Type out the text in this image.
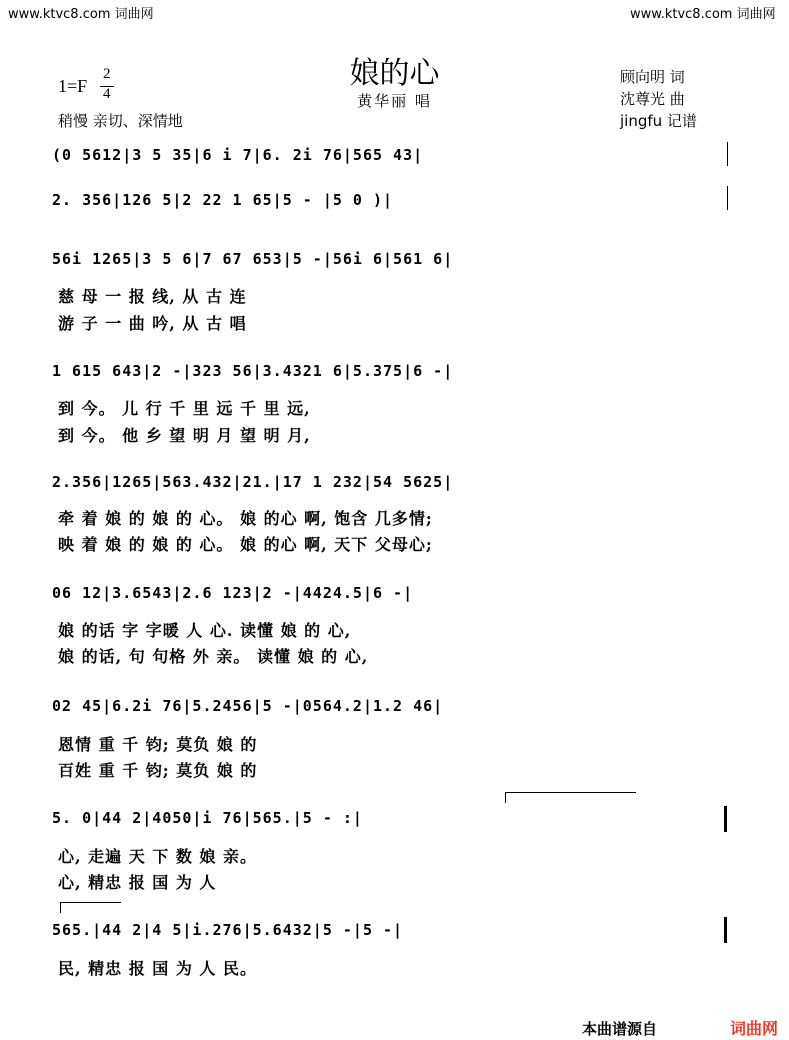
www.ktvc8.com 词曲网	www.ktvc8.com 词曲网
娘的心
黄华丽 唱
1=F
2
4
稍慢 亲切、深情地
顾向明 词
沈尊光 曲
jingfu 记谱
(0 5612|3 5 35|6 i 7|6. 2i 76|565 43|
2. 356|126 5|2 22 1 65|5 - |5 0 )|
56i 1265|3 5 6|7 67 653|5 -|56i 6|561 6|
慈 母 一 报 线, 从 古 连
游 子 一 曲 吟, 从 古 唱
1 615 643|2 -|323 56|3.4321 6|5.375|6 -|
到 今。 儿 行 千 里 远 千 里 远,
到 今。 他 乡 望 明 月 望 明 月,
2.356|1265|563.432|21.|17 1 232|54 5625|
牵 着 娘 的 娘 的 心。 娘 的心 啊, 饱含 几多情;
映 着 娘 的 娘 的 心。 娘 的心 啊, 天下 父母心;
06 12|3.6543|2.6 123|2 -|4424.5|6 -|
娘 的话 字 字暖 人 心. 读懂 娘 的 心,
娘 的话, 句 句格 外 亲。 读懂 娘 的 心,
02 45|6.2i 76|5.2456|5 -|0564.2|1.2 46|
恩情 重 千 钧; 莫负 娘 的
百姓 重 千 钧; 莫负 娘 的
5. 0|44 2|4050|i 76|565.|5 - :|
心, 走遍 天 下 数 娘 亲。
心, 精忠 报 国 为 人
565.|44 2|4 5|i.276|5.6432|5 -|5 -|
民, 精忠 报 国 为 人 民。
本曲谱源自	词曲网
